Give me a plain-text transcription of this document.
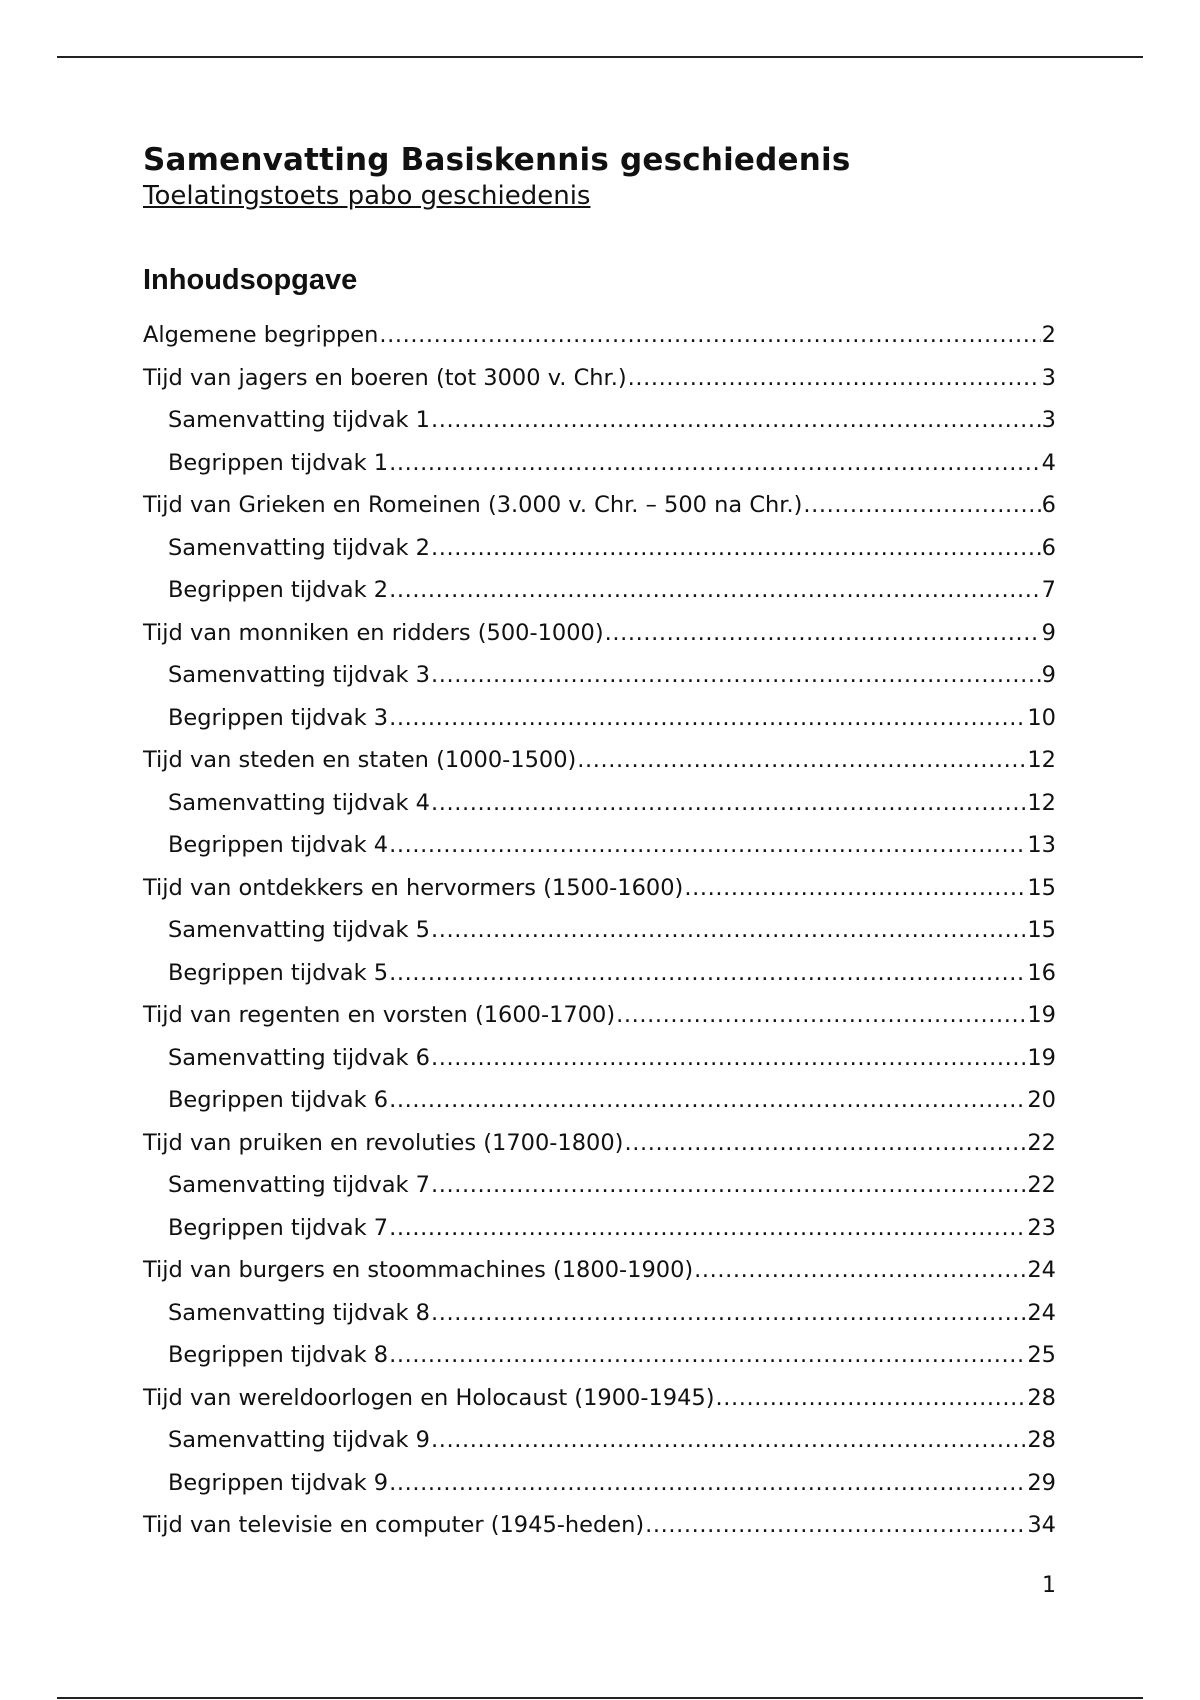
Samenvatting Basiskennis geschiedenis

Toelatingstoets pabo geschiedenis

Inhoudsopgave
Algemene begrippen .....	2
Tijd van jagers en boeren (tot 3000 v. Chr.) .....	3
Samenvatting tijdvak 1 .....	3
Begrippen tijdvak 1 .....	4
Tijd van Grieken en Romeinen (3.000 v. Chr. – 500 na Chr.) .....	6
Samenvatting tijdvak 2 .....	6
Begrippen tijdvak 2 .....	7
Tijd van monniken en ridders (500-1000) .....	9
Samenvatting tijdvak 3 .....	9
Begrippen tijdvak 3 .....	10
Tijd van steden en staten (1000-1500) .....	12
Samenvatting tijdvak 4 .....	12
Begrippen tijdvak 4 .....	13
Tijd van ontdekkers en hervormers (1500-1600) .....	15
Samenvatting tijdvak 5 .....	15
Begrippen tijdvak 5 .....	16
Tijd van regenten en vorsten (1600-1700) .....	19
Samenvatting tijdvak 6 .....	19
Begrippen tijdvak 6 .....	20
Tijd van pruiken en revoluties (1700-1800) .....	22
Samenvatting tijdvak 7 .....	22
Begrippen tijdvak 7 .....	23
Tijd van burgers en stoommachines (1800-1900) .....	24
Samenvatting tijdvak 8 .....	24
Begrippen tijdvak 8 .....	25
Tijd van wereldoorlogen en Holocaust (1900-1945) .....	28
Samenvatting tijdvak 9 .....	28
Begrippen tijdvak 9 .....	29
Tijd van televisie en computer (1945-heden) .....	34
1
